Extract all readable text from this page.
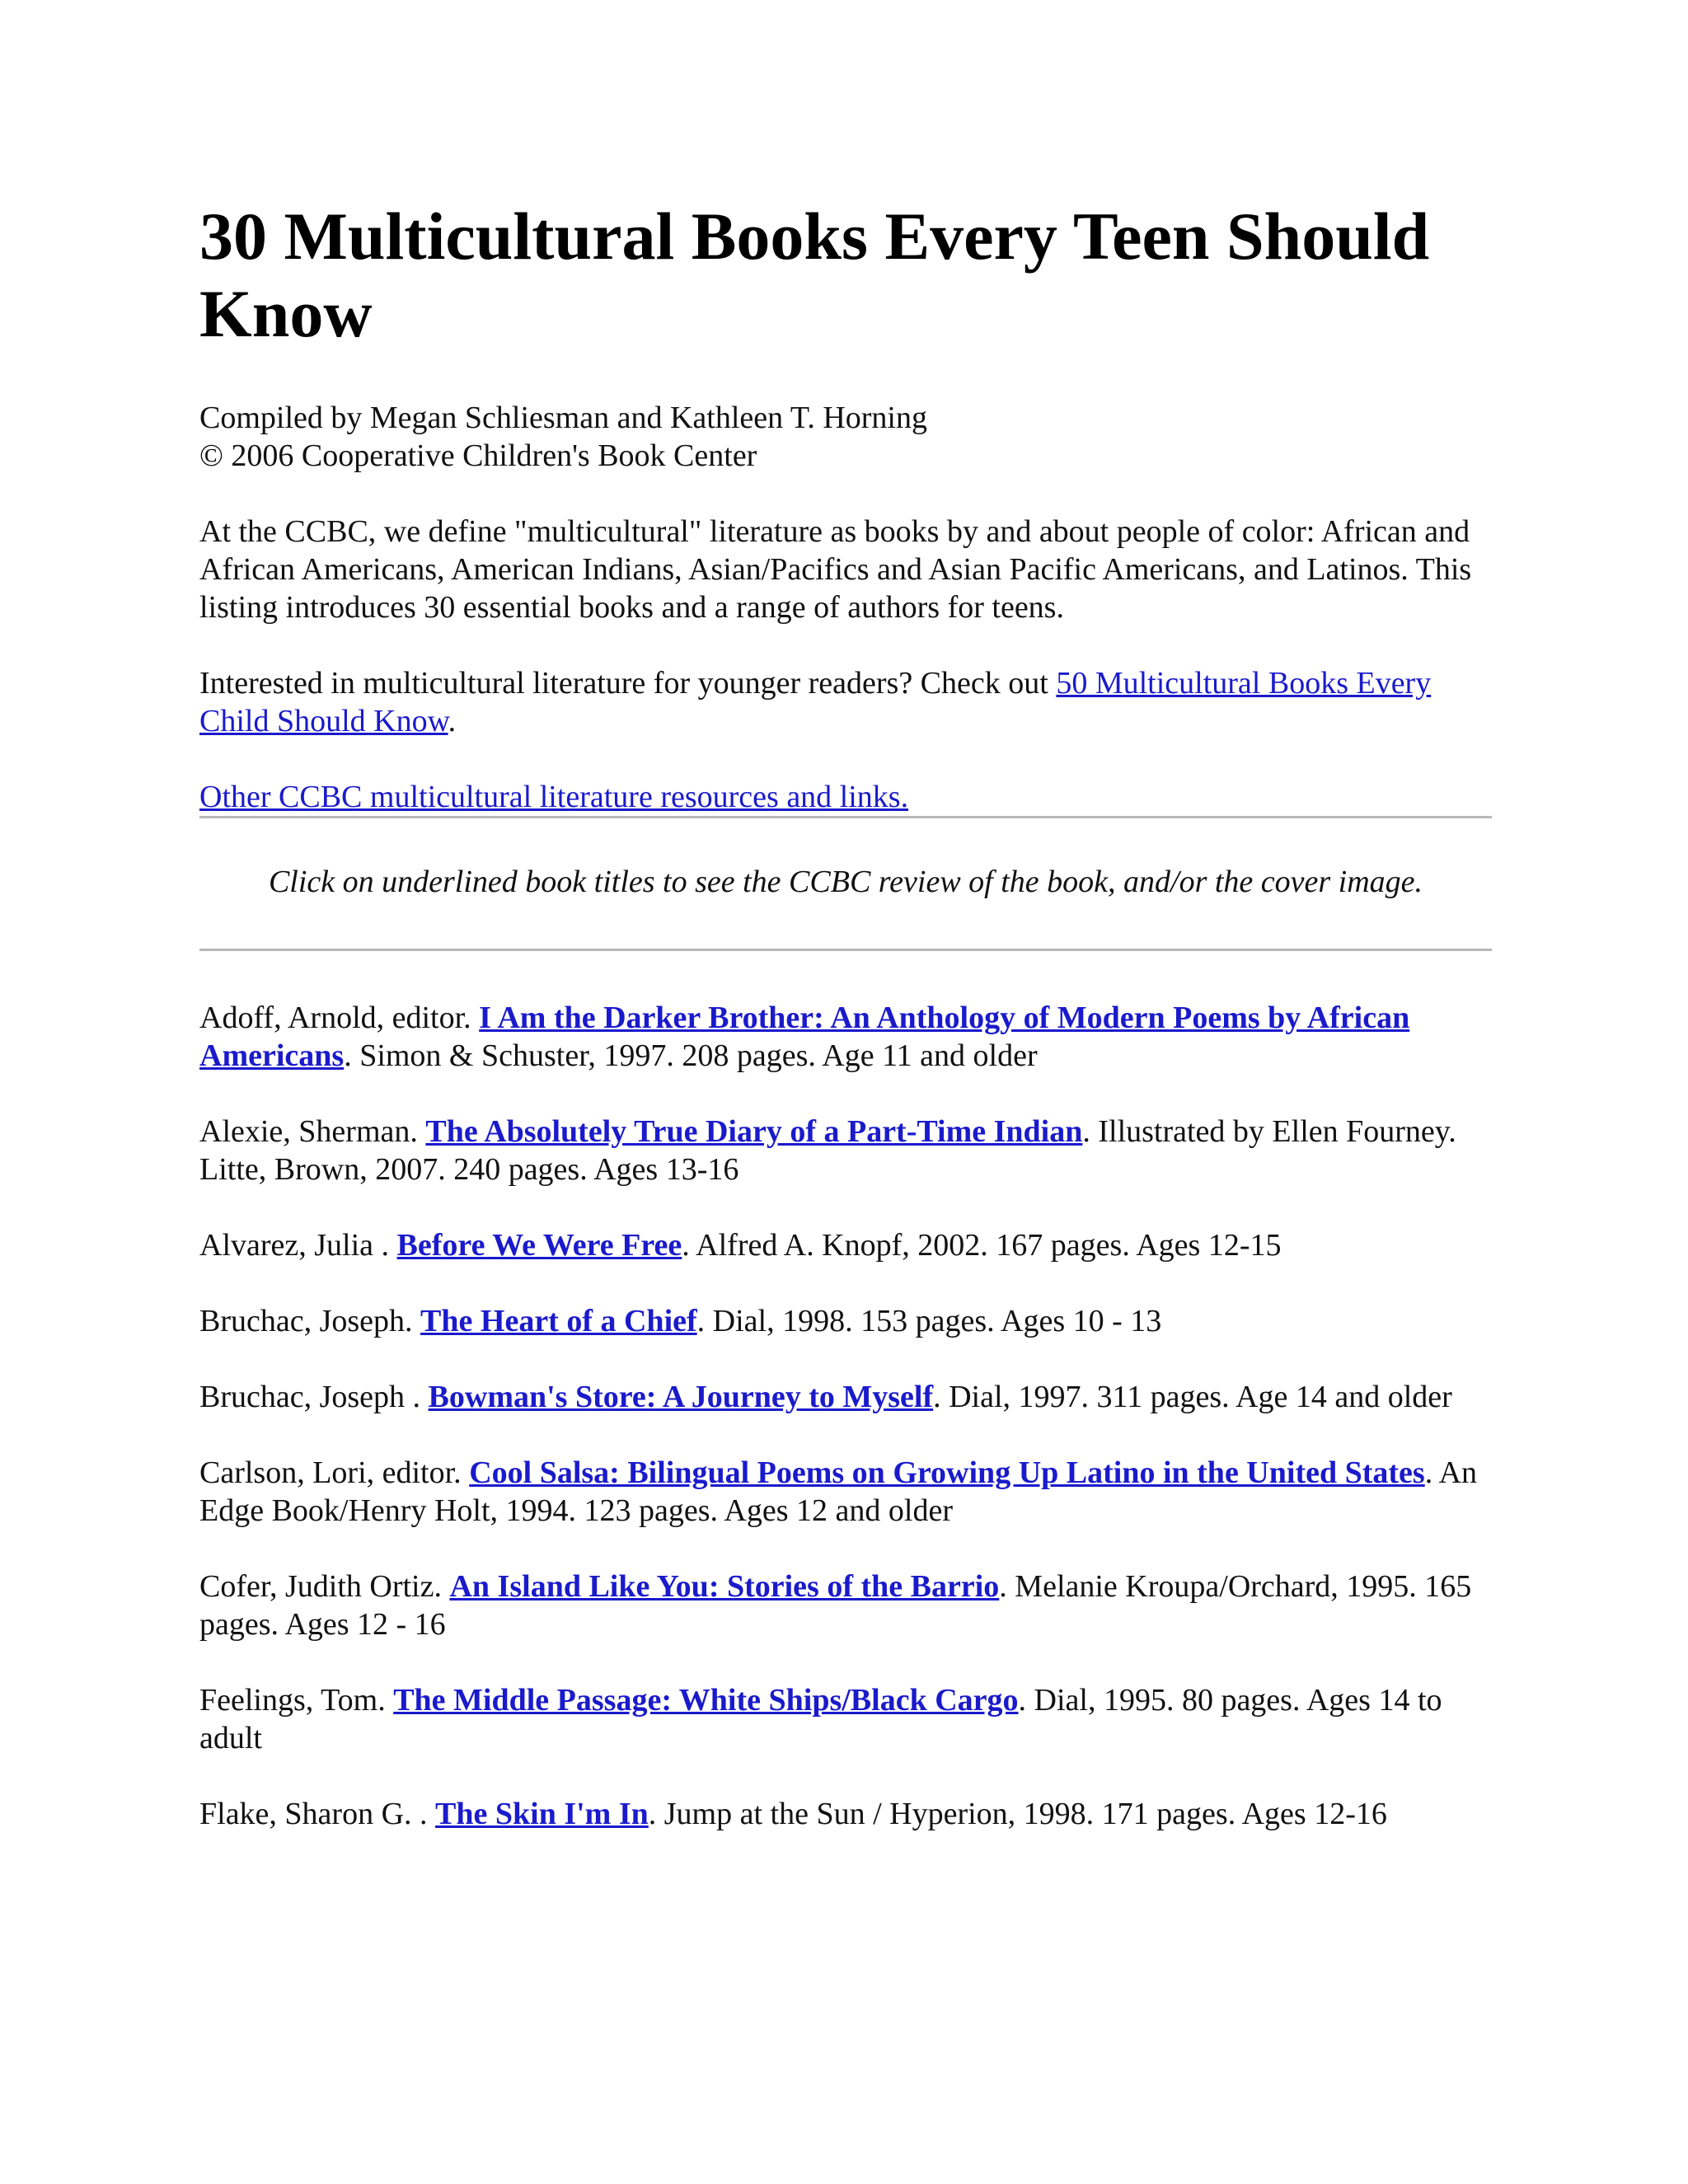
30 Multicultural Books Every Teen Should Know

Compiled by Megan Schliesman and Kathleen T. Horning

© 2006 Cooperative Children's Book Center

At the CCBC, we define "multicultural" literature as books by and about people of color: African and African Americans, American Indians, Asian/Pacifics and Asian Pacific Americans, and Latinos. This listing introduces 30 essential books and a range of authors for teens.

Interested in multicultural literature for younger readers? Check out 50 Multicultural Books Every Child Should Know.

Other CCBC multicultural literature resources and links.

Click on underlined book titles to see the CCBC review of the book, and/or the cover image.

Adoff, Arnold, editor. I Am the Darker Brother: An Anthology of Modern Poems by African Americans. Simon & Schuster, 1997. 208 pages. Age 11 and older

Alexie, Sherman. The Absolutely True Diary of a Part-Time Indian. Illustrated by Ellen Fourney. Litte, Brown, 2007. 240 pages. Ages 13-16

Alvarez, Julia . Before We Were Free. Alfred A. Knopf, 2002. 167 pages. Ages 12-15

Bruchac, Joseph. The Heart of a Chief. Dial, 1998. 153 pages. Ages 10 - 13

Bruchac, Joseph . Bowman's Store: A Journey to Myself. Dial, 1997. 311 pages. Age 14 and older

Carlson, Lori, editor. Cool Salsa: Bilingual Poems on Growing Up Latino in the United States. An Edge Book/Henry Holt, 1994. 123 pages. Ages 12 and older

Cofer, Judith Ortiz. An Island Like You: Stories of the Barrio. Melanie Kroupa/Orchard, 1995. 165 pages. Ages 12 - 16

Feelings, Tom. The Middle Passage: White Ships/Black Cargo. Dial, 1995. 80 pages. Ages 14 to adult

Flake, Sharon G. . The Skin I'm In. Jump at the Sun / Hyperion, 1998. 171 pages. Ages 12-16
